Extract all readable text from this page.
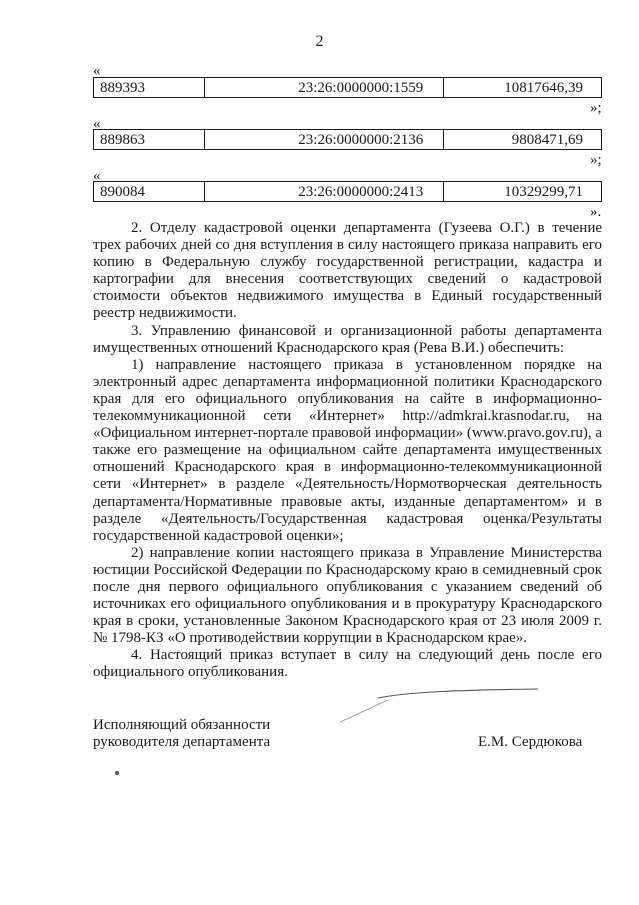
2
«
889393	23:26:0000000:1559	10817646,39
»;
«
889863	23:26:0000000:2136	9808471,69
»;
«
890084	23:26:0000000:2413	10329299,71
».

2. Отделу кадастровой оценки департамента (Гузеева О.Г.) в течение трех рабочих дней со дня вступления в силу настоящего приказа направить его копию в Федеральную службу государственной регистрации, кадастра и картографии для внесения соответствующих сведений о кадастровой стоимости объектов недвижимого имущества в Единый государственный реестр недвижимости.

3. Управлению финансовой и организационной работы департамента имущественных отношений Краснодарского края (Рева В.И.) обеспечить:

1) направление настоящего приказа в установленном порядке на электронный адрес департамента информационной политики Краснодарского края для его официального опубликования на сайте в информационно-телекоммуникационной сети «Интернет» http://admkrai.krasnodar.ru, на «Официальном интернет-портале правовой информации» (www.pravo.gov.ru), а также его размещение на официальном сайте департамента имущественных отношений Краснодарского края в информационно-телекоммуникационной сети «Интернет» в разделе «Деятельность/Нормотворческая деятельность департамента/Нормативные правовые акты, изданные департаментом» и в разделе «Деятельность/Государственная кадастровая оценка/Результаты государственной кадастровой оценки»;

2) направление копии настоящего приказа в Управление Министерства юстиции Российской Федерации по Краснодарскому краю в семидневный срок после дня первого официального опубликования с указанием сведений об источниках его официального опубликования и в прокуратуру Краснодарского края в сроки, установленные Законом Краснодарского края от 23 июля 2009 г. № 1798-КЗ «О противодействии коррупции в Краснодарском крае».

4. Настоящий приказ вступает в силу на следующий день после его официального опубликования.

Исполняющий обязанности
руководителя департамента	Е.М. Сердюкова
